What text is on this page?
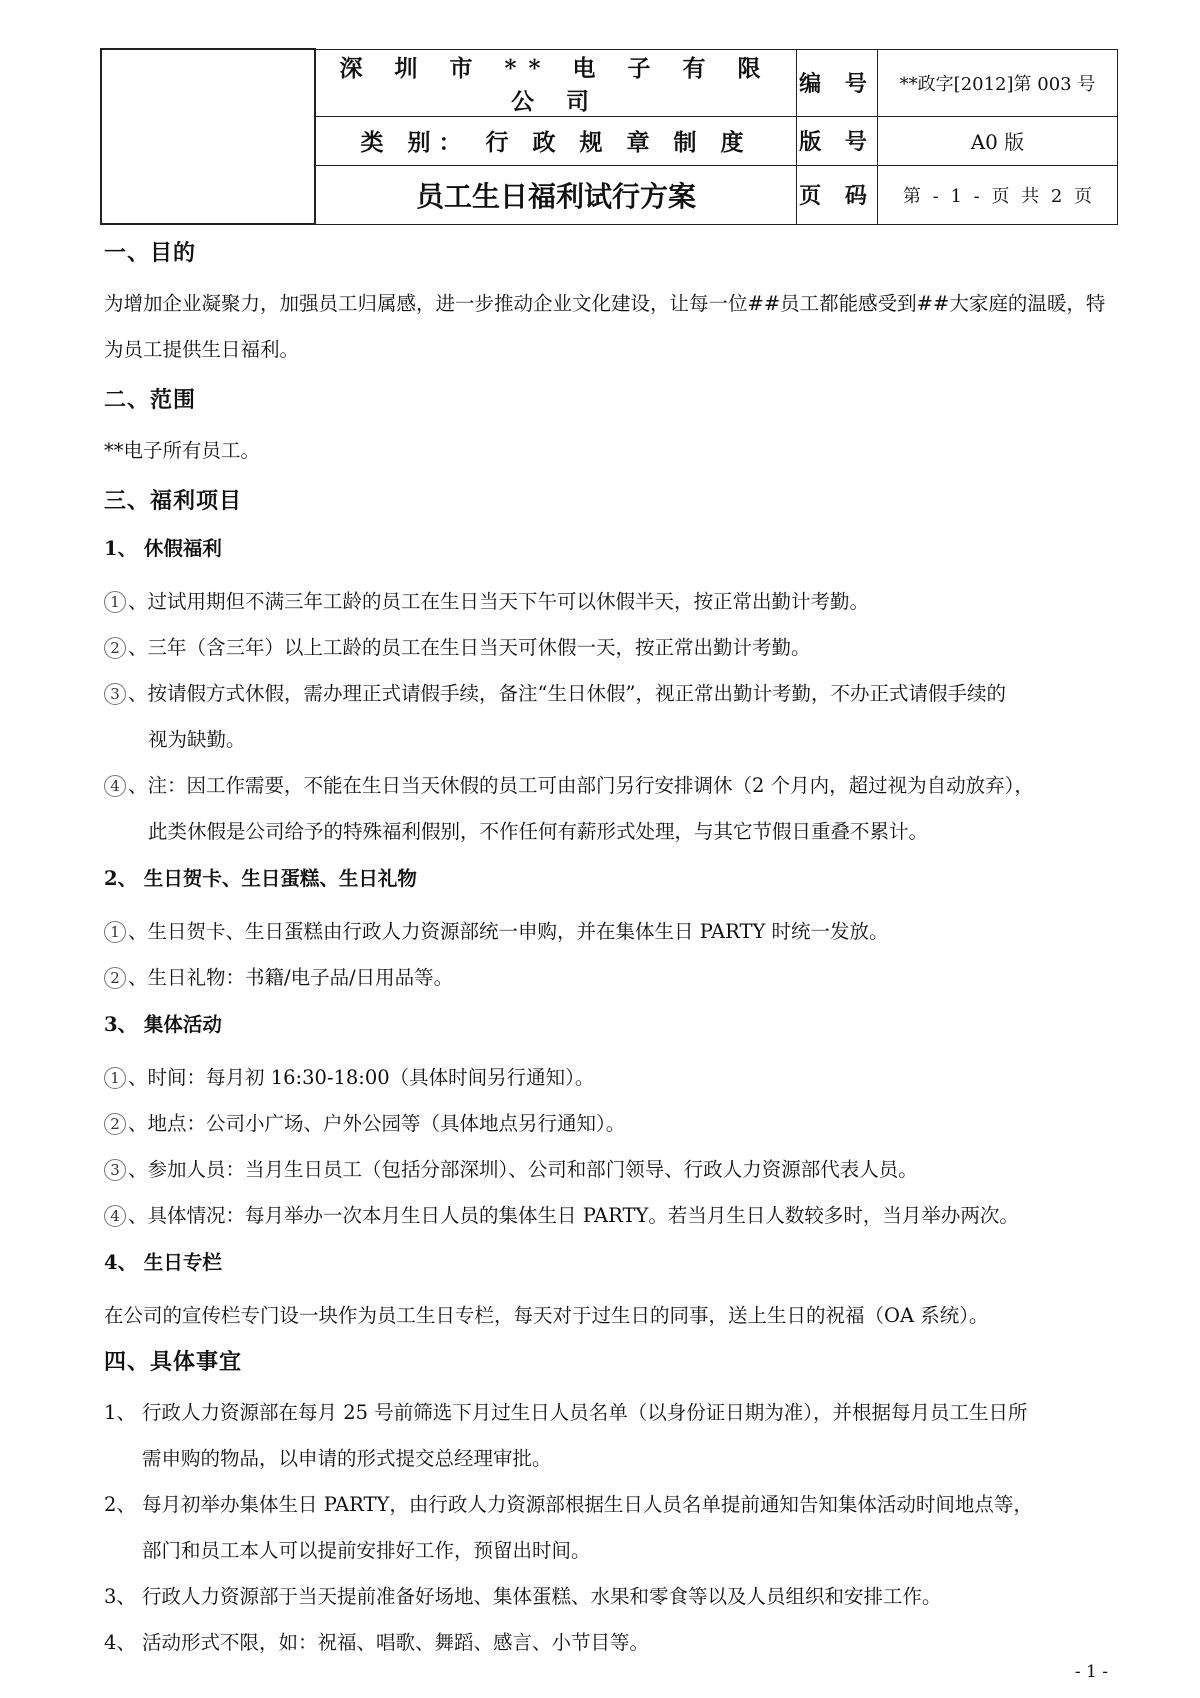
	深 圳 市 ** 电 子 有 限 公 司	编 号	**政字[2012]第 003 号
	类 别： 行 政 规 章 制 度	版 号	A0 版
	员工生日福利试行方案	页 码	第 - 1 - 页 共 2 页
一、目的

为增加企业凝聚力，加强员工归属感，进一步推动企业文化建设，让每一位##员工都能感受到##大家庭的温暖，特为员工提供生日福利。

二、范围

**电子所有员工。

三、福利项目
1、 休假福利

1 、过试用期但不满三年工龄的员工在生日当天下午可以休假半天，按正常出勤计考勤。

2 、三年（含三年）以上工龄的员工在生日当天可休假一天，按正常出勤计考勤。

3 、按请假方式休假，需办理正式请假手续，备注“生日休假”，视正常出勤计考勤，不办正式请假手续的

视为缺勤。

4 、注：因工作需要，不能在生日当天休假的员工可由部门另行安排调休（2 个月内，超过视为自动放弃），

此类休假是公司给予的特殊福利假别，不作任何有薪形式处理，与其它节假日重叠不累计。

2、 生日贺卡、生日蛋糕、生日礼物

1 、生日贺卡、生日蛋糕由行政人力资源部统一申购，并在集体生日 PARTY 时统一发放。

2 、生日礼物：书籍/电子品/日用品等。

3、 集体活动

1 、时间：每月初 16:30-18:00（具体时间另行通知）。

2 、地点：公司小广场、户外公园等（具体地点另行通知）。

3 、参加人员：当月生日员工（包括分部深圳）、公司和部门领导、行政人力资源部代表人员。

4 、具体情况：每月举办一次本月生日人员的集体生日 PARTY。若当月生日人数较多时，当月举办两次。

4、 生日专栏

在公司的宣传栏专门设一块作为员工生日专栏，每天对于过生日的同事，送上生日的祝福（OA 系统）。

四、具体事宜

1、 行政人力资源部在每月 25 号前筛选下月过生日人员名单（以身份证日期为准），并根据每月员工生日所

需申购的物品，以申请的形式提交总经理审批。

2、 每月初举办集体生日 PARTY，由行政人力资源部根据生日人员名单提前通知告知集体活动时间地点等，

部门和员工本人可以提前安排好工作，预留出时间。

3、 行政人力资源部于当天提前准备好场地、集体蛋糕、水果和零食等以及人员组织和安排工作。

4、 活动形式不限，如：祝福、唱歌、舞蹈、感言、小节目等。

- 1 -
